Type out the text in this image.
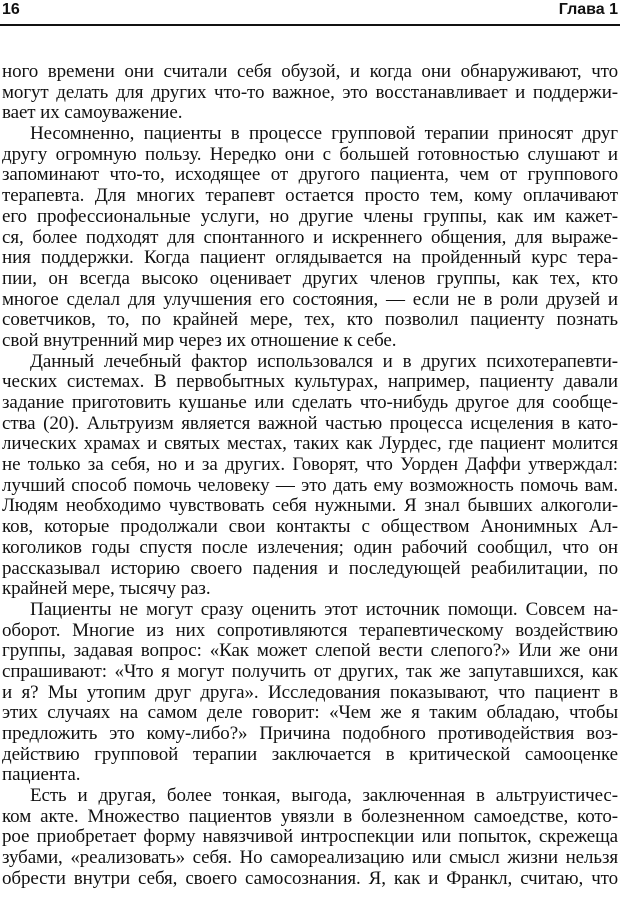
16	Глава 1
ного времени они считали себя обузой, и когда они обнаруживают, что
могут делать для других что-то важное, это восстанавливает и поддержи-
вает их самоуважение.
Несомненно, пациенты в процессе групповой терапии приносят друг
другу огромную пользу. Нередко они с большей готовностью слушают и
запоминают что-то, исходящее от другого пациента, чем от группового
терапевта. Для многих терапевт остается просто тем, кому оплачивают
его профессиональные услуги, но другие члены группы, как им кажет-
ся, более подходят для спонтанного и искреннего общения, для выраже-
ния поддержки. Когда пациент оглядывается на пройденный курс тера-
пии, он всегда высоко оценивает других членов группы, как тех, кто
многое сделал для улучшения его состояния, — если не в роли друзей и
советчиков, то, по крайней мере, тех, кто позволил пациенту познать
свой внутренний мир через их отношение к себе.
Данный лечебный фактор использовался и в других психотерапевти-
ческих системах. В первобытных культурах, например, пациенту давали
задание приготовить кушанье или сделать что-нибудь другое для сообще-
ства (20). Альтруизм является важной частью процесса исцеления в като-
лических храмах и святых местах, таких как Лурдес, где пациент молится
не только за себя, но и за других. Говорят, что Уорден Даффи утверждал:
лучший способ помочь человеку — это дать ему возможность помочь вам.
Людям необходимо чувствовать себя нужными. Я знал бывших алкоголи-
ков, которые продолжали свои контакты с обществом Анонимных Ал-
коголиков годы спустя после излечения; один рабочий сообщил, что он
рассказывал историю своего падения и последующей реабилитации, по
крайней мере, тысячу раз.
Пациенты не могут сразу оценить этот источник помощи. Совсем на-
оборот. Многие из них сопротивляются терапевтическому воздействию
группы, задавая вопрос: «Как может слепой вести слепого?» Или же они
спрашивают: «Что я могут получить от других, так же запутавшихся, как
и я? Мы утопим друг друга». Исследования показывают, что пациент в
этих случаях на самом деле говорит: «Чем же я таким обладаю, чтобы
предложить это кому-либо?» Причина подобного противодействия воз-
действию групповой терапии заключается в критической самооценке
пациента.
Есть и другая, более тонкая, выгода, заключенная в альтруистичес-
ком акте. Множество пациентов увязли в болезненном самоедстве, кото-
рое приобретает форму навязчивой интроспекции или попыток, скрежеща
зубами, «реализовать» себя. Но самореализацию или смысл жизни нельзя
обрести внутри себя, своего самосознания. Я, как и Франкл, считаю, что
